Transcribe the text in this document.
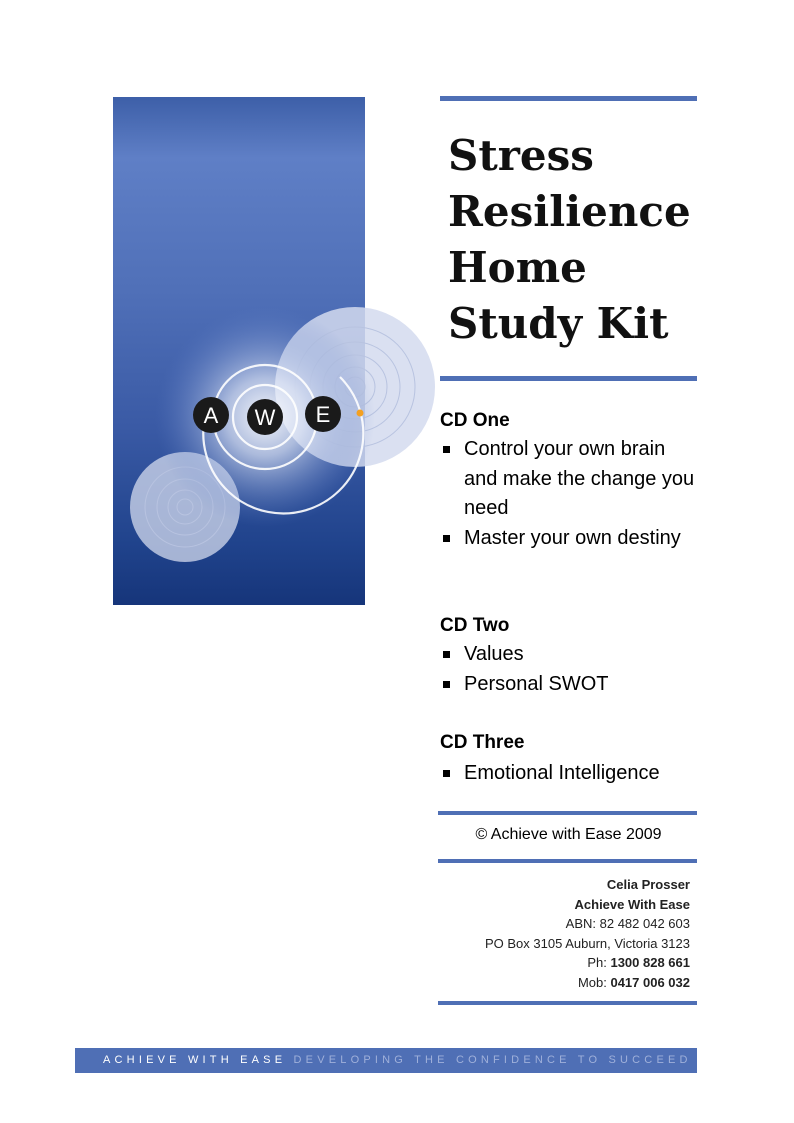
A W E
Stress
Resilience
Home
Study Kit
CD One
Control your own brain and make the change you need
Master your own destiny
CD Two
Values
Personal SWOT
CD Three
Emotional Intelligence
© Achieve with Ease 2009
Celia Prosser
Achieve With Ease
ABN: 82 482 042 603
PO Box 3105 Auburn, Victoria 3123
Ph: 1300 828 661
Mob: 0417 006 032
ACHIEVE WITH EASE DEVELOPING THE CONFIDENCE TO SUCCEED
